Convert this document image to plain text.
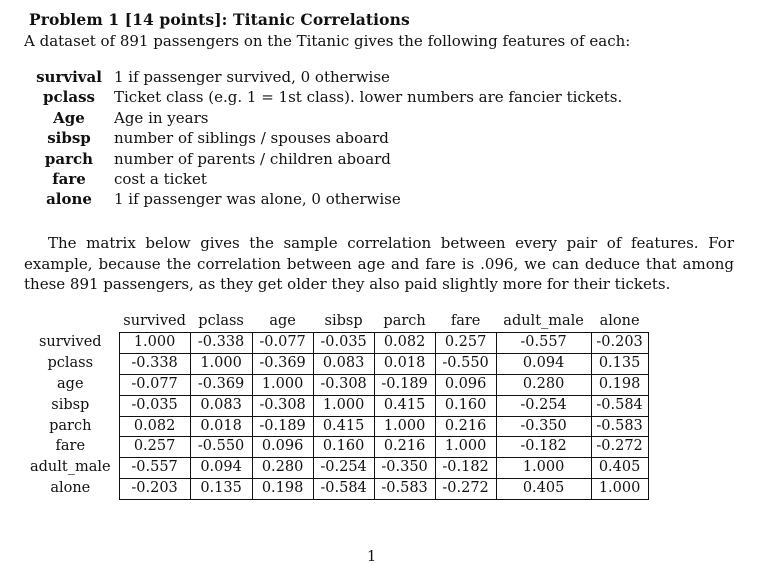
Problem 1 [14 points]: Titanic Correlations
A dataset of 891 passengers on the Titanic gives the following features of each:
survival	1 if passenger survived, 0 otherwise
pclass	Ticket class (e.g. 1 = 1st class). lower numbers are fancier tickets.
Age	Age in years
sibsp	number of siblings / spouses aboard
parch	number of parents / children aboard
fare	cost a ticket
alone	1 if passenger was alone, 0 otherwise
The matrix below gives the sample correlation between every pair of features. For example, because the correlation between age and fare is .096, we can deduce that among these 891 passengers, as they get older they also paid slightly more for their tickets.
	survived	pclass	age	sibsp	parch	fare	adult_male	alone
survived	1.000	-0.338	-0.077	-0.035	0.082	0.257	-0.557	-0.203
pclass	-0.338	1.000	-0.369	0.083	0.018	-0.550	0.094	0.135
age	-0.077	-0.369	1.000	-0.308	-0.189	0.096	0.280	0.198
sibsp	-0.035	0.083	-0.308	1.000	0.415	0.160	-0.254	-0.584
parch	0.082	0.018	-0.189	0.415	1.000	0.216	-0.350	-0.583
fare	0.257	-0.550	0.096	0.160	0.216	1.000	-0.182	-0.272
adult_male	-0.557	0.094	0.280	-0.254	-0.350	-0.182	1.000	0.405
alone	-0.203	0.135	0.198	-0.584	-0.583	-0.272	0.405	1.000
1
